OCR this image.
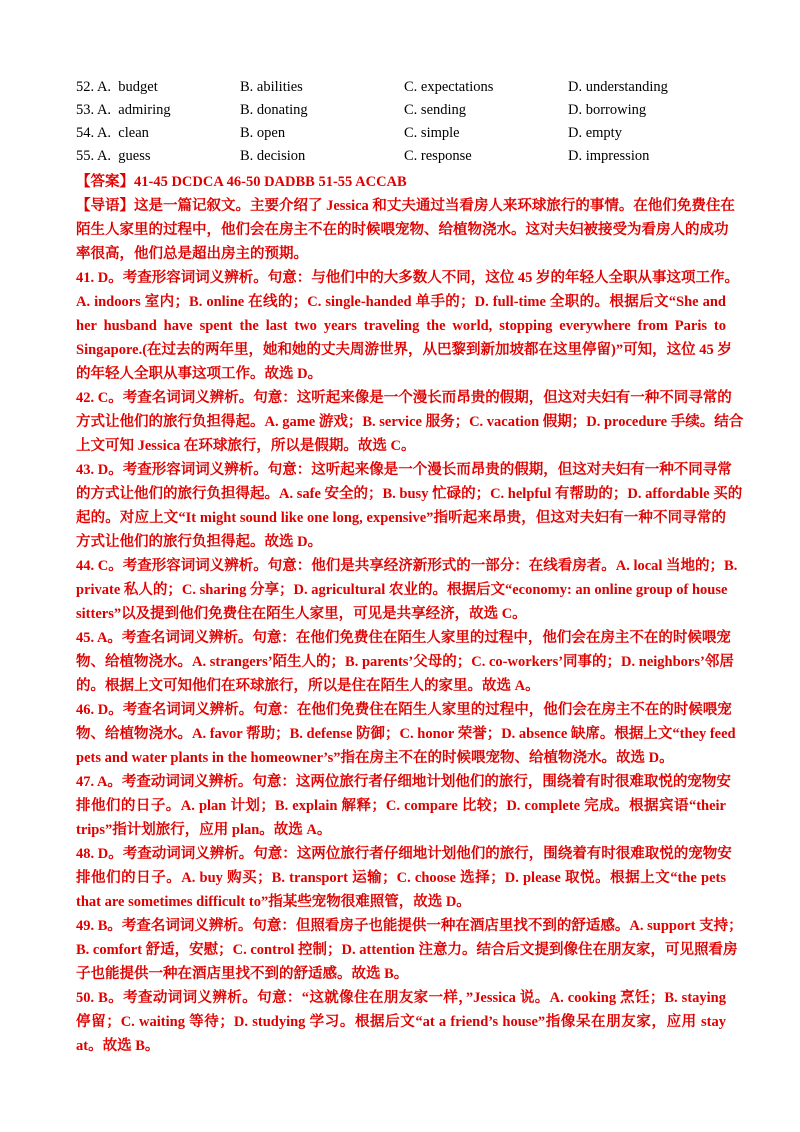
52. A. budget	B. abilities	C. expectations	D. understanding
53. A. admiring	B. donating	C. sending	D. borrowing
54. A. clean	B. open	C. simple	D. empty
55. A. guess	B. decision	C. response	D. impression
【答案】41-45 DCDCA 46-50 DADBB 51-55 ACCAB
【导语】这是一篇记叙文。主要介绍了 Jessica 和丈夫通过当看房人来环球旅行的事情。在他们免费住在
陌生人家里的过程中，他们会在房主不在的时候喂宠物、给植物浇水。这对夫妇被接受为看房人的成功
率很高，他们总是超出房主的预期。
41. D。考查形容词词义辨析。句意：与他们中的大多数人不同，这位 45 岁的年轻人全职从事这项工作。
A. indoors 室内；B. online 在线的；C. single-handed 单手的；D. full-time 全职的。根据后文“She and
her husband have spent the last two years traveling the world, stopping everywhere from Paris to
Singapore.(在过去的两年里，她和她的丈夫周游世界，从巴黎到新加坡都在这里停留)”可知，这位 45 岁
的年轻人全职从事这项工作。故选 D。
42. C。考查名词词义辨析。句意：这听起来像是一个漫长而昂贵的假期，但这对夫妇有一种不同寻常的
方式让他们的旅行负担得起。A. game 游戏；B. service 服务；C. vacation 假期；D. procedure 手续。结合
上文可知 Jessica 在环球旅行，所以是假期。故选 C。
43. D。考查形容词词义辨析。句意：这听起来像是一个漫长而昂贵的假期，但这对夫妇有一种不同寻常
的方式让他们的旅行负担得起。A. safe 安全的；B. busy 忙碌的；C. helpful 有帮助的；D. affordable 买的
起的。对应上文“It might sound like one long, expensive”指听起来昂贵，但这对夫妇有一种不同寻常的
方式让他们的旅行负担得起。故选 D。
44. C。考查形容词词义辨析。句意：他们是共享经济新形式的一部分：在线看房者。A. local 当地的；B.
private 私人的；C. sharing 分享；D. agricultural 农业的。根据后文“economy: an online group of house
sitters”以及提到他们免费住在陌生人家里，可见是共享经济，故选 C。
45. A。考查名词词义辨析。句意：在他们免费住在陌生人家里的过程中，他们会在房主不在的时候喂宠
物、给植物浇水。A. strangers’陌生人的；B. parents’父母的；C. co-workers’同事的；D. neighbors’邻居
的。根据上文可知他们在环球旅行，所以是住在陌生人的家里。故选 A。
46. D。考查名词词义辨析。句意：在他们免费住在陌生人家里的过程中，他们会在房主不在的时候喂宠
物、给植物浇水。A. favor 帮助；B. defense 防御；C. honor 荣誉；D. absence 缺席。根据上文“they feed
pets and water plants in the homeowner’s”指在房主不在的时候喂宠物、给植物浇水。故选 D。
47. A。考查动词词义辨析。句意：这两位旅行者仔细地计划他们的旅行，围绕着有时很难取悦的宠物安
排他们的日子。A. plan 计划；B. explain 解释；C. compare 比较；D. complete 完成。根据宾语“their
trips”指计划旅行，应用 plan。故选 A。
48. D。考查动词词义辨析。句意：这两位旅行者仔细地计划他们的旅行，围绕着有时很难取悦的宠物安
排他们的日子。A. buy 购买；B. transport 运输；C. choose 选择；D. please 取悦。根据上文“the pets
that are sometimes difficult to”指某些宠物很难照管，故选 D。
49. B。考查名词词义辨析。句意：但照看房子也能提供一种在酒店里找不到的舒适感。A. support 支持；
B. comfort 舒适，安慰；C. control 控制；D. attention 注意力。结合后文提到像住在朋友家，可见照看房
子也能提供一种在酒店里找不到的舒适感。故选 B。
50. B。考查动词词义辨析。句意：“这就像住在朋友家一样，”Jessica 说。A. cooking 烹饪；B. staying
停留；C. waiting 等待；D. studying 学习。根据后文“at a friend’s house”指像呆在朋友家，应用 stay
at。故选 B。
